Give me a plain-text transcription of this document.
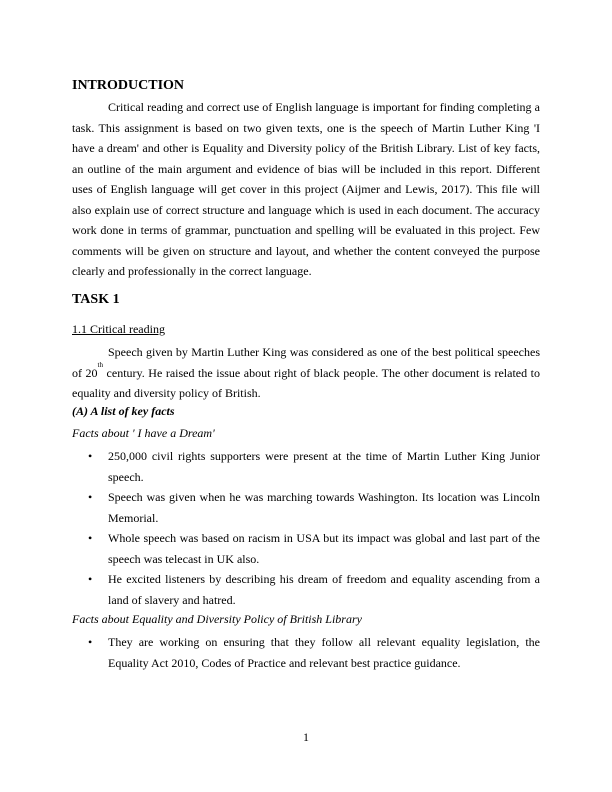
INTRODUCTION

Critical reading and correct use of English language is important for finding completing a task. This assignment is based on two given texts, one is the speech of Martin Luther King 'I have a dream' and other is Equality and Diversity policy of the British Library. List of key facts, an outline of the main argument and evidence of bias will be included in this report. Different uses of English language will get cover in this project (Aijmer and Lewis, 2017). This file will also explain use of correct structure and language which is used in each document. The accuracy work done in terms of grammar, punctuation and spelling will be evaluated in this project. Few comments will be given on structure and layout, and whether the content conveyed the purpose clearly and professionally in the correct language.

TASK 1
1.1 Critical reading

Speech given by Martin Luther King was considered as one of the best political speeches of 20th century. He raised the issue about right of black people. The other document is related to equality and diversity policy of British.

(A) A list of key facts
Facts about ' I have a Dream'
• 250,000 civil rights supporters were present at the time of Martin Luther King Junior speech.
• Speech was given when he was marching towards Washington. Its location was Lincoln Memorial.
• Whole speech was based on racism in USA but its impact was global and last part of the speech was telecast in UK also.
• He excited listeners by describing his dream of freedom and equality ascending from a land of slavery and hatred.
Facts about Equality and Diversity Policy of British Library
• They are working on ensuring that they follow all relevant equality legislation, the Equality Act 2010, Codes of Practice and relevant best practice guidance.
1
